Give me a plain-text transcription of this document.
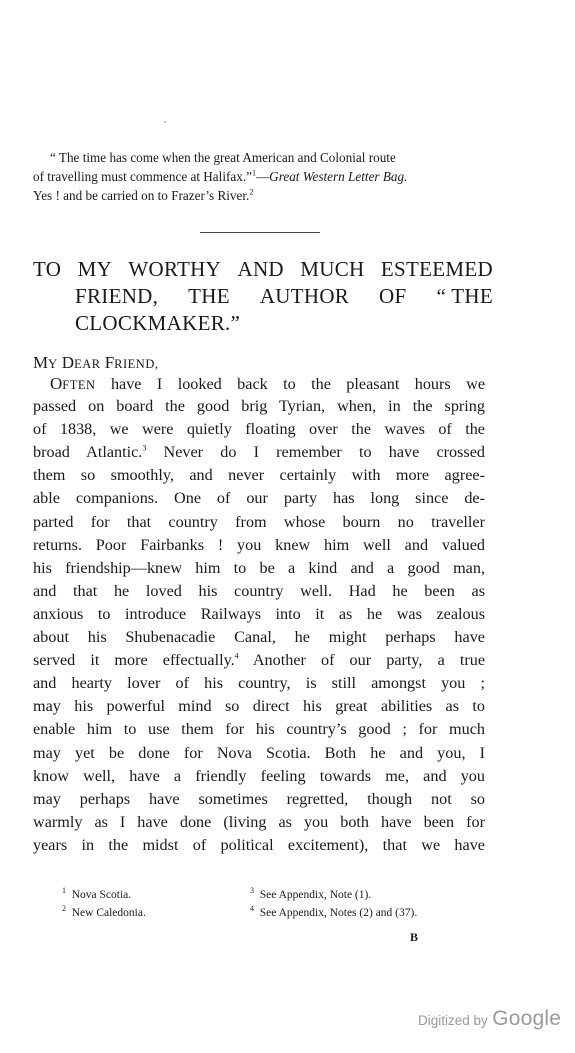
“ The time has come when the great American and Colonial route
of travelling must commence at Halifax.”$^1$—Great Western Letter Bag.
Yes ! and be carried on to Frazer’s River.$^2$
TO MY WORTHY AND MUCH ESTEEMED
FRIEND, THE AUTHOR OF “ THE
CLOCKMAKER.”
MY DEAR FRIEND,
OFTEN have I looked back to the pleasant hours we
passed on board the good brig Tyrian, when, in the spring
of 1838, we were quietly floating over the waves of the
broad Atlantic.$^3$ Never do I remember to have crossed
them so smoothly, and never certainly with more agree-
able companions. One of our party has long since de-
parted for that country from whose bourn no traveller
returns. Poor Fairbanks ! you knew him well and valued
his friendship—knew him to be a kind and a good man,
and that he loved his country well. Had he been as
anxious to introduce Railways into it as he was zealous
about his Shubenacadie Canal, he might perhaps have
served it more effectually.$^4$ Another of our party, a true
and hearty lover of his country, is still amongst you ;
may his powerful mind so direct his great abilities as to
enable him to use them for his country’s good ; for much
may yet be done for Nova Scotia. Both he and you, I
know well, have a friendly feeling towards me, and you
may perhaps have sometimes regretted, though not so
warmly as I have done (living as you both have been for
years in the midst of political excitement), that we have
$^1$ Nova Scotia.
$^2$ New Caledonia.
$^3$ See Appendix, Note (1).
$^4$ See Appendix, Notes (2) and (37).
B
Digitized by Google
